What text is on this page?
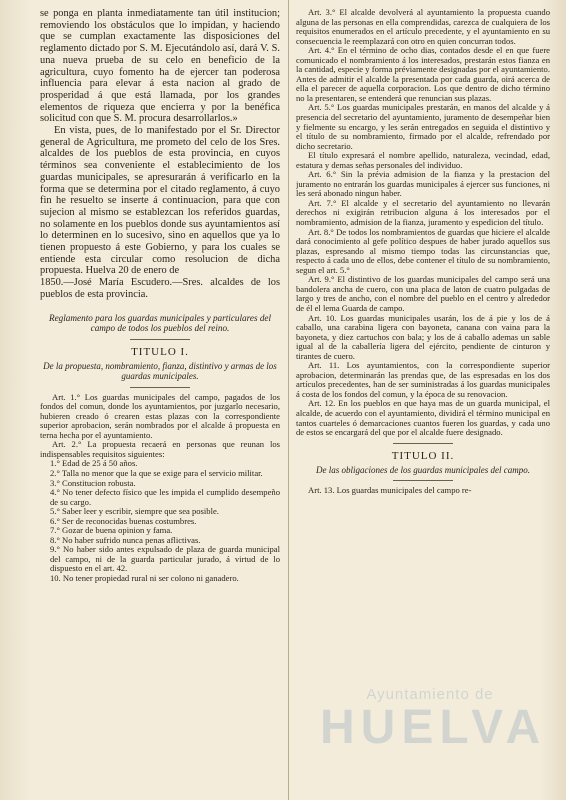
se ponga en planta inmediatamente tan útil institucion; removiendo los obstáculos que lo impidan, y haciendo que se cumplan exactamente las disposiciones del reglamento dictado por S. M. Ejecutándolo así, dará V. S. una nueva prueba de su celo en beneficio de la agricultura, cuyo fomento ha de ejercer tan poderosa influencia para elevar á esta nacion al grado de prosperidad á que está llamada, por los grandes elementos de riqueza que encierra y por la benéfica solicitud con que S. M. procura desarrollarlos.»

En vista, pues, de lo manifestado por el Sr. Director general de Agricultura, me prometo del celo de los Sres. alcaldes de los pueblos de esta provincia, en cuyos términos sea conveniente el establecimiento de los guardas municipales, se apresurarán á verificarlo en la forma que se determina por el citado reglamento, á cuyo fin he resuelto se inserte á continuacion, para que con sujecion al mismo se establezcan los referidos guardas, no solamente en los pueblos donde sus ayuntamientos así lo determinen en lo sucesivo, sino en aquellos que ya lo tienen propuesto á este Gobierno, y para los cuales se entiende esta circular como resolucion de dicha propuesta. Huelva 20 de enero de

1850.—José María Escudero.—Sres. alcaldes de los pueblos de esta provincia.

Reglamento para los guardas municipales y particulares del campo de todos los pueblos del reino.

TITULO I.

De la propuesta, nombramiento, fianza, distintivo y armas de los guardas municipales.

Art. 1.° Los guardas municipales del campo, pagados de los fondos del comun, donde los ayuntamientos, por juzgarlo necesario, hubieren creado ó crearen estas plazas con la correspondiente superior aprobacion, serán nombrados por el alcalde á propuesta en terna hecha por el ayuntamiento.

Art. 2.° La propuesta recaerá en personas que reunan los indispensables requisitos siguientes:

1.° Edad de 25 á 50 años.

2.° Talla no menor que la que se exige para el servicio militar.

3.° Constitucion robusta.

4.° No tener defecto físico que les impida el cumplido desempeño de su cargo.

5.° Saber leer y escribir, siempre que sea posible.

6.° Ser de reconocidas buenas costumbres.

7.° Gozar de buena opinion y fama.

8.° No haber sufrido nunca penas aflictivas.

9.° No haber sido antes expulsado de plaza de guarda municipal del campo, ni de la guarda particular jurado, á virtud de lo dispuesto en el art. 42.

10. No tener propiedad rural ni ser colono ni ganadero.

Art. 3.° El alcalde devolverá al ayuntamiento la propuesta cuando alguna de las personas en ella comprendidas, carezca de cualquiera de los requisitos enumerados en el artículo precedente, y el ayuntamiento en su consecuencia le reemplazará con otro en quien concurran todos.

Art. 4.° En el término de ocho dias, contados desde el en que fuere comunicado el nombramiento á los interesados, prestarán estos fianza en la cantidad, especie y forma préviamente designadas por el ayuntamiento. Antes de admitir el alcalde la presentada por cada guarda, oirá acerca de ella el parecer de aquella corporacion. Los que dentro de dicho término no la presentaren, se entenderá que renuncian sus plazas.

Art. 5.° Los guardas municipales prestarán, en manos del alcalde y á presencia del secretario del ayuntamiento, juramento de desempeñar bien y fielmente su encargo, y les serán entregados en seguida el distintivo y el título de su nombramiento, firmado por el alcalde, refrendado por dicho secretario.

El título expresará el nombre apellido, naturaleza, vecindad, edad, estatura y demas señas personales del individuo.

Art. 6.° Sin la prévia admision de la fianza y la prestacion del juramento no entrarán los guardas municipales á ejercer sus funciones, ni les será abonado ningun haber.

Art. 7.° El alcalde y el secretario del ayuntamiento no llevarán derechos ni exigirán retribucion alguna á los interesados por el nombramiento, admision de la fianza, juramento y espedicion del título.

Art. 8.° De todos los nombramientos de guardas que hiciere el alcalde dará conocimiento al gefe político despues de haber jurado aquellos sus plazas, espresando al mismo tiempo todas las circunstancias que, respecto á cada uno de ellos, debe contener el título de su nombramiento, segun el art. 5.°

Art. 9.° El distintivo de los guardas municipales del campo será una bandolera ancha de cuero, con una placa de laton de cuatro pulgadas de largo y tres de ancho, con el nombre del pueblo en el centro y alrededor de él el lema Guarda de campo.

Art. 10. Los guardas municipales usarán, los de á pie y los de á caballo, una carabina ligera con bayoneta, canana con vaina para la bayoneta, y diez cartuchos con bala; y los de á caballo ademas un sable igual al de la caballería ligera del ejército, pendiente de cinturon y tirantes de cuero.

Art. 11. Los ayuntamientos, con la correspondiente superior aprobacion, determinarán las prendas que, de las espresadas en los dos artículos precedentes, han de ser suministradas á los guardas municipales á costa de los fondos del comun, y la época de su renovacion.

Art. 12. En los pueblos en que haya mas de un guarda municipal, el alcalde, de acuerdo con el ayuntamiento, dividirá el término municipal en tantos cuarteles ó demarcaciones cuantos fueren los guardas, y cada uno de estos se encargará del que por el alcalde fuere designado.

TITULO II.

De las obligaciones de los guardas municipales del campo.

Art. 13. Los guardas municipales del campo re-

Ayuntamiento de
HUELVA
